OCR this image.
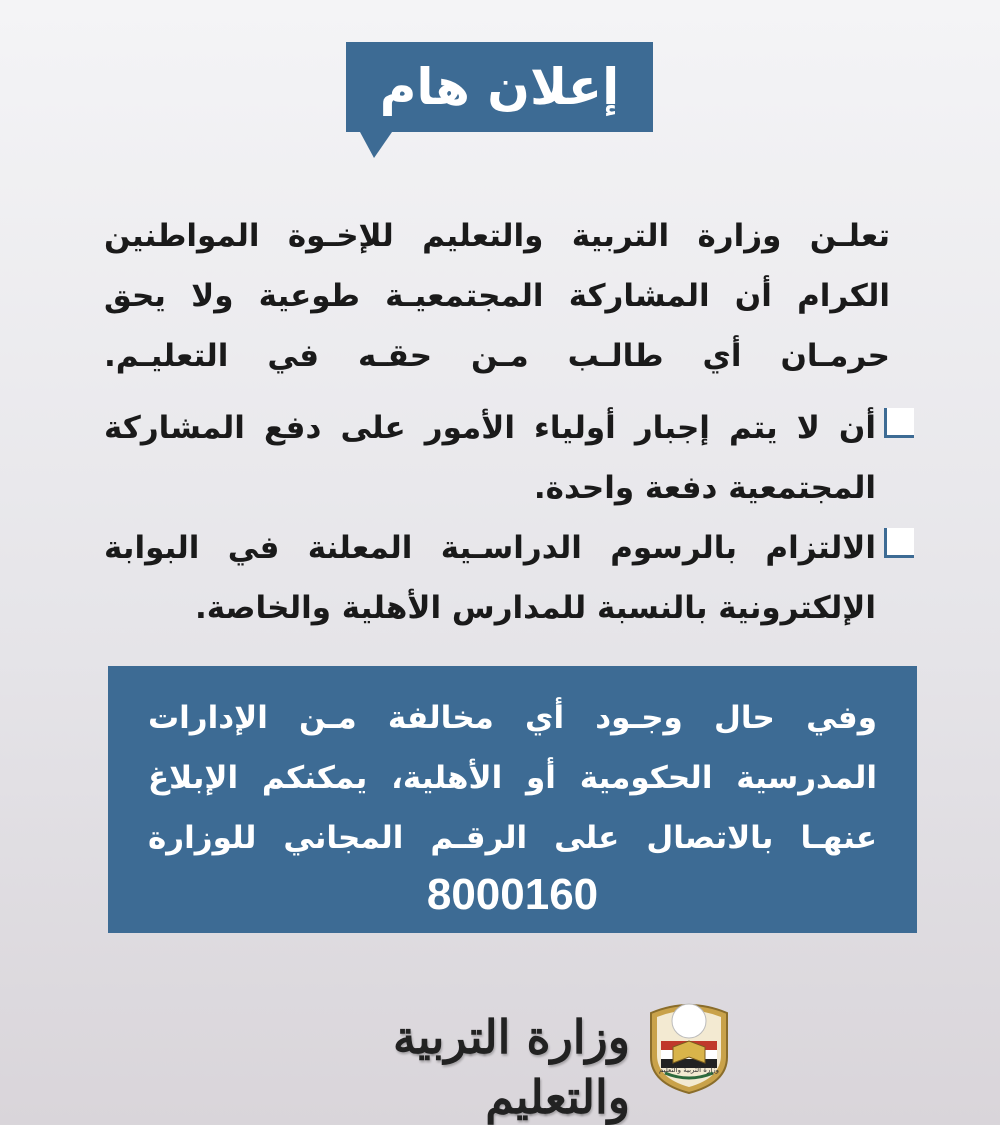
إعلان هام

تعلـن وزارة التربية والتعليم للإخـوة المواطنين الكرام أن المشاركة المجتمعيـة طوعية ولا يحق حرمـان أي طالـب مـن حقـه في التعليـم.

أن لا يتم إجبار أولياء الأمور على دفع المشاركة المجتمعية دفعة واحدة.
الالتزام بالرسوم الدراسـية المعلنة في البوابة الإلكترونية بالنسبة للمدارس الأهلية والخاصة.

وفي حال وجـود أي مخالفة مـن الإدارات المدرسية الحكومية أو الأهلية، يمكنكم الإبلاغ عنهـا بالاتصال على الرقـم المجاني للوزارة

8000160
وزارة التربية والتعليم
وزارة التربية والتعليم
